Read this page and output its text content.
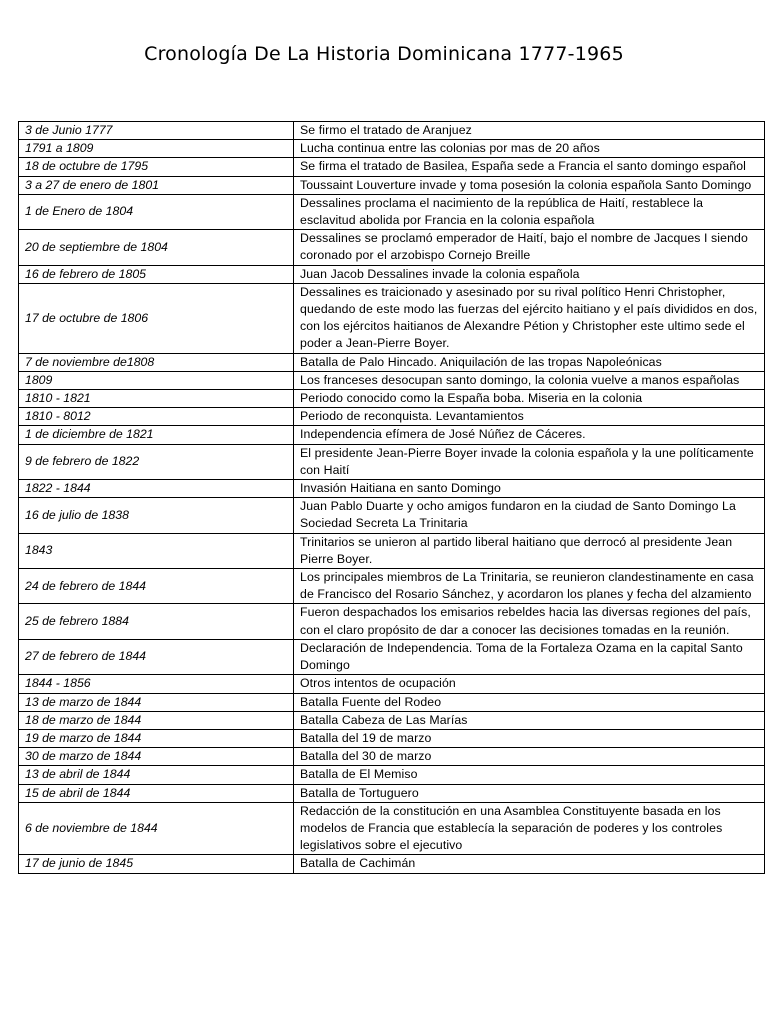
Cronología De La Historia Dominicana 1777-1965
3 de Junio 1777	Se firmo el tratado de Aranjuez
1791 a 1809	Lucha continua entre las colonias por mas de 20 años
18 de octubre de 1795	Se firma el tratado de Basilea, España sede a Francia el santo domingo español
3 a 27 de enero de 1801	Toussaint Louverture invade y toma posesión la colonia española Santo Domingo
1 de Enero de 1804	Dessalines proclama el nacimiento de la república de Haití, restablece la esclavitud abolida por Francia en la colonia española
20 de septiembre de 1804	Dessalines se proclamó emperador de Haití, bajo el nombre de Jacques I siendo coronado por el arzobispo Cornejo Breille
16 de febrero de 1805	Juan Jacob Dessalines invade la colonia española
17 de octubre de 1806	Dessalines es traicionado y asesinado por su rival político Henri Christopher, quedando de este modo las fuerzas del ejército haitiano y el país divididos en dos, con los ejércitos haitianos de Alexandre Pétion y Christopher este ultimo sede el poder a Jean-Pierre Boyer.
7 de noviembre de1808	Batalla de Palo Hincado. Aniquilación de las tropas Napoleónicas
1809	Los franceses desocupan santo domingo, la colonia vuelve a manos españolas
1810 - 1821	Periodo conocido como la España boba. Miseria en la colonia
1810 - 8012	Periodo de reconquista. Levantamientos
1 de diciembre de 1821	Independencia efímera de José Núñez de Cáceres.
9 de febrero de 1822	El presidente Jean-Pierre Boyer invade la colonia española y la une políticamente con Haití
1822 - 1844	Invasión Haitiana en santo Domingo
16 de julio de 1838	Juan Pablo Duarte y ocho amigos fundaron en la ciudad de Santo Domingo La Sociedad Secreta La Trinitaria
1843	Trinitarios se unieron al partido liberal haitiano que derrocó al presidente Jean Pierre Boyer.
24 de febrero de 1844	Los principales miembros de La Trinitaria, se reunieron clandestinamente en casa de Francisco del Rosario Sánchez, y acordaron los planes y fecha del alzamiento
25 de febrero 1884	Fueron despachados los emisarios rebeldes hacia las diversas regiones del país, con el claro propósito de dar a conocer las decisiones tomadas en la reunión.
27 de febrero de 1844	Declaración de Independencia. Toma de la Fortaleza Ozama en la capital Santo Domingo
1844 - 1856	Otros intentos de ocupación
13 de marzo de 1844	Batalla Fuente del Rodeo
18 de marzo de 1844	Batalla Cabeza de Las Marías
19 de marzo de 1844	Batalla del 19 de marzo
30 de marzo de 1844	Batalla del 30 de marzo
13 de abril de 1844	Batalla de El Memiso
15 de abril de 1844	Batalla de Tortuguero
6 de noviembre de 1844	Redacción de la constitución en una Asamblea Constituyente basada en los modelos de Francia que establecía la separación de poderes y los controles legislativos sobre el ejecutivo
17 de junio de 1845	Batalla de Cachimán
